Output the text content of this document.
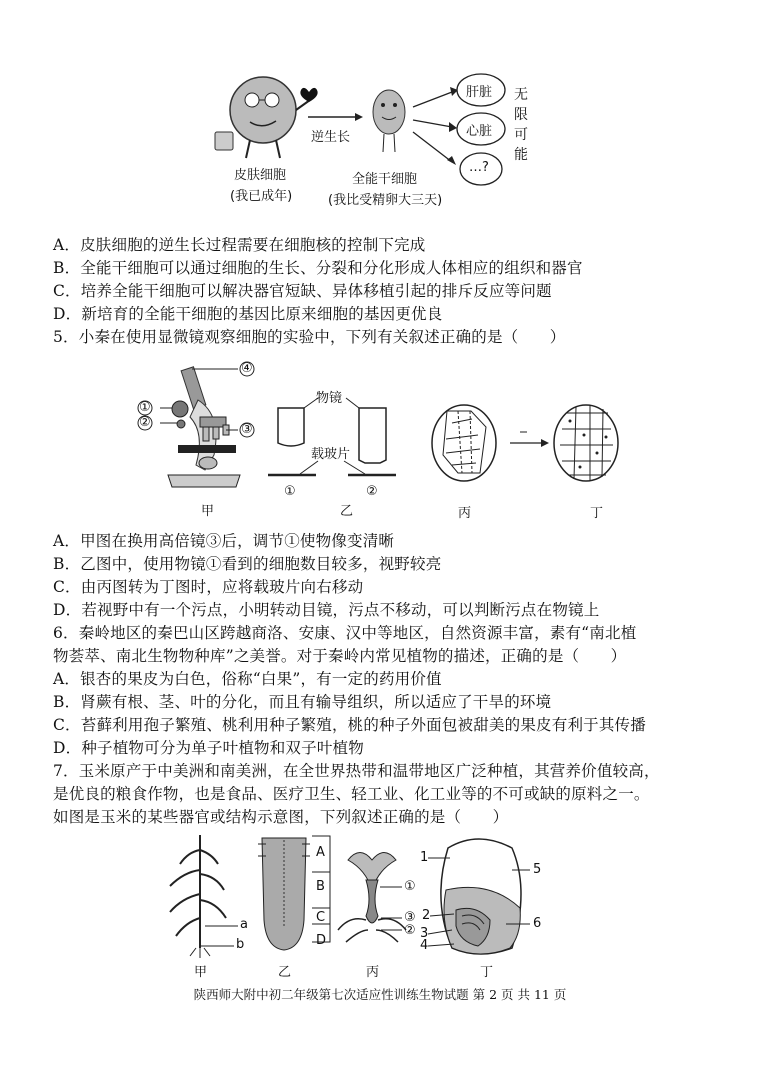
肝脏
心脏
…?
无
限
可
能
逆生长
皮肤细胞
(我已成年)
全能干细胞
(我比受精卵大三天)
A．皮肤细胞的逆生长过程需要在细胞核的控制下完成
B．全能干细胞可以通过细胞的生长、分裂和分化形成人体相应的组织和器官
C．培养全能干细胞可以解决器官短缺、异体移植引起的排斥反应等问题
D．新培育的全能干细胞的基因比原来细胞的基因更优良
5．小秦在使用显微镜观察细胞的实验中，下列有关叙述正确的是（　　）
①
②	③
④
物镜
载玻片
①	②
甲	乙	丙	丁
A．甲图在换用高倍镜③后，调节①使物像变清晰
B．乙图中，使用物镜①看到的细胞数目较多，视野较亮
C．由丙图转为丁图时，应将载玻片向右移动
D．若视野中有一个污点，小明转动目镜，污点不移动，可以判断污点在物镜上
6．秦岭地区的秦巴山区跨越商洛、安康、汉中等地区，自然资源丰富，素有“南北植
物荟萃、南北生物物种库”之美誉。对于秦岭内常见植物的描述，正确的是（　　）
A．银杏的果皮为白色，俗称“白果”，有一定的药用价值
B．肾蕨有根、茎、叶的分化，而且有输导组织，所以适应了干旱的环境
C．苔藓利用孢子繁殖、桃利用种子繁殖，桃的种子外面包被甜美的果皮有利于其传播
D．种子植物可分为单子叶植物和双子叶植物
7．玉米原产于中美洲和南美洲，在全世界热带和温带地区广泛种植，其营养价值较高，
是优良的粮食作物，也是食品、医疗卫生、轻工业、化工业等的不可或缺的原料之一。
如图是玉米的某些器官或结构示意图，下列叙述正确的是（　　）
a
b
A
B
C
D
①
③
②
1
2
3
4
5
6
甲	乙	丙	丁
陕西师大附中初二年级第七次适应性训练生物试题 第 2 页 共 11 页
